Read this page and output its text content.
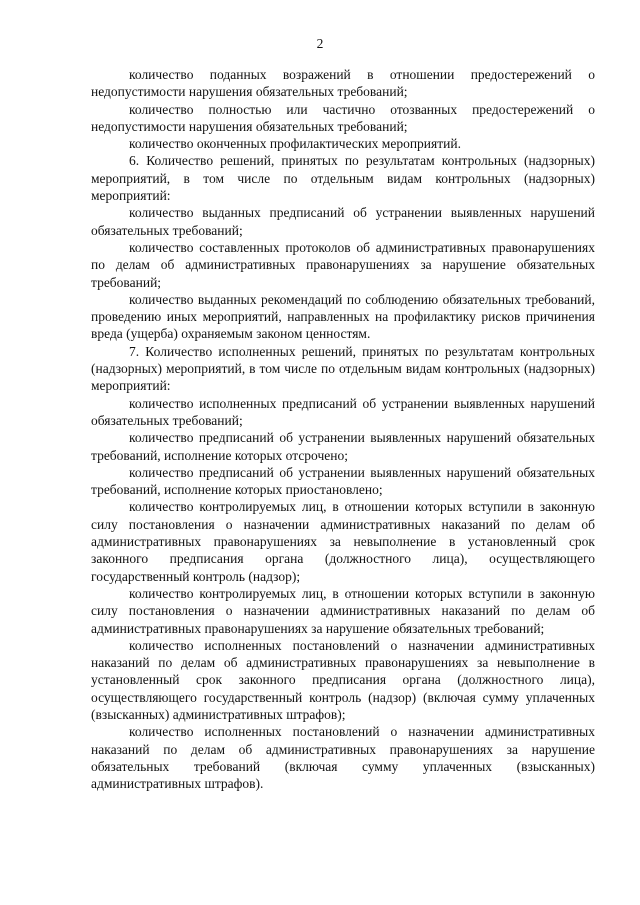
2

количество поданных возражений в отношении предостережений о недопустимости нарушения обязательных требований;

количество полностью или частично отозванных предостережений о недопустимости нарушения обязательных требований;

количество оконченных профилактических мероприятий.

6. Количество решений, принятых по результатам контрольных (надзорных) мероприятий, в том числе по отдельным видам контрольных (надзорных) мероприятий:

количество выданных предписаний об устранении выявленных нарушений обязательных требований;

количество составленных протоколов об административных правонарушениях по делам об административных правонарушениях за нарушение обязательных требований;

количество выданных рекомендаций по соблюдению обязательных требований, проведению иных мероприятий, направленных на профилактику рисков причинения вреда (ущерба) охраняемым законом ценностям.

7. Количество исполненных решений, принятых по результатам контрольных (надзорных) мероприятий, в том числе по отдельным видам контрольных (надзорных) мероприятий:

количество исполненных предписаний об устранении выявленных нарушений обязательных требований;

количество предписаний об устранении выявленных нарушений обязательных требований, исполнение которых отсрочено;

количество предписаний об устранении выявленных нарушений обязательных требований, исполнение которых приостановлено;

количество контролируемых лиц, в отношении которых вступили в законную силу постановления о назначении административных наказаний по делам об административных правонарушениях за невыполнение в установленный срок законного предписания органа (должностного лица), осуществляющего государственный контроль (надзор);

количество контролируемых лиц, в отношении которых вступили в законную силу постановления о назначении административных наказаний по делам об административных правонарушениях за нарушение обязательных требований;

количество исполненных постановлений о назначении административных наказаний по делам об административных правонарушениях за невыполнение в установленный срок законного предписания органа (должностного лица), осуществляющего государственный контроль (надзор) (включая сумму уплаченных (взысканных) административных штрафов);

количество исполненных постановлений о назначении административных наказаний по делам об административных правонарушениях за нарушение обязательных требований (включая сумму уплаченных (взысканных) административных штрафов).
